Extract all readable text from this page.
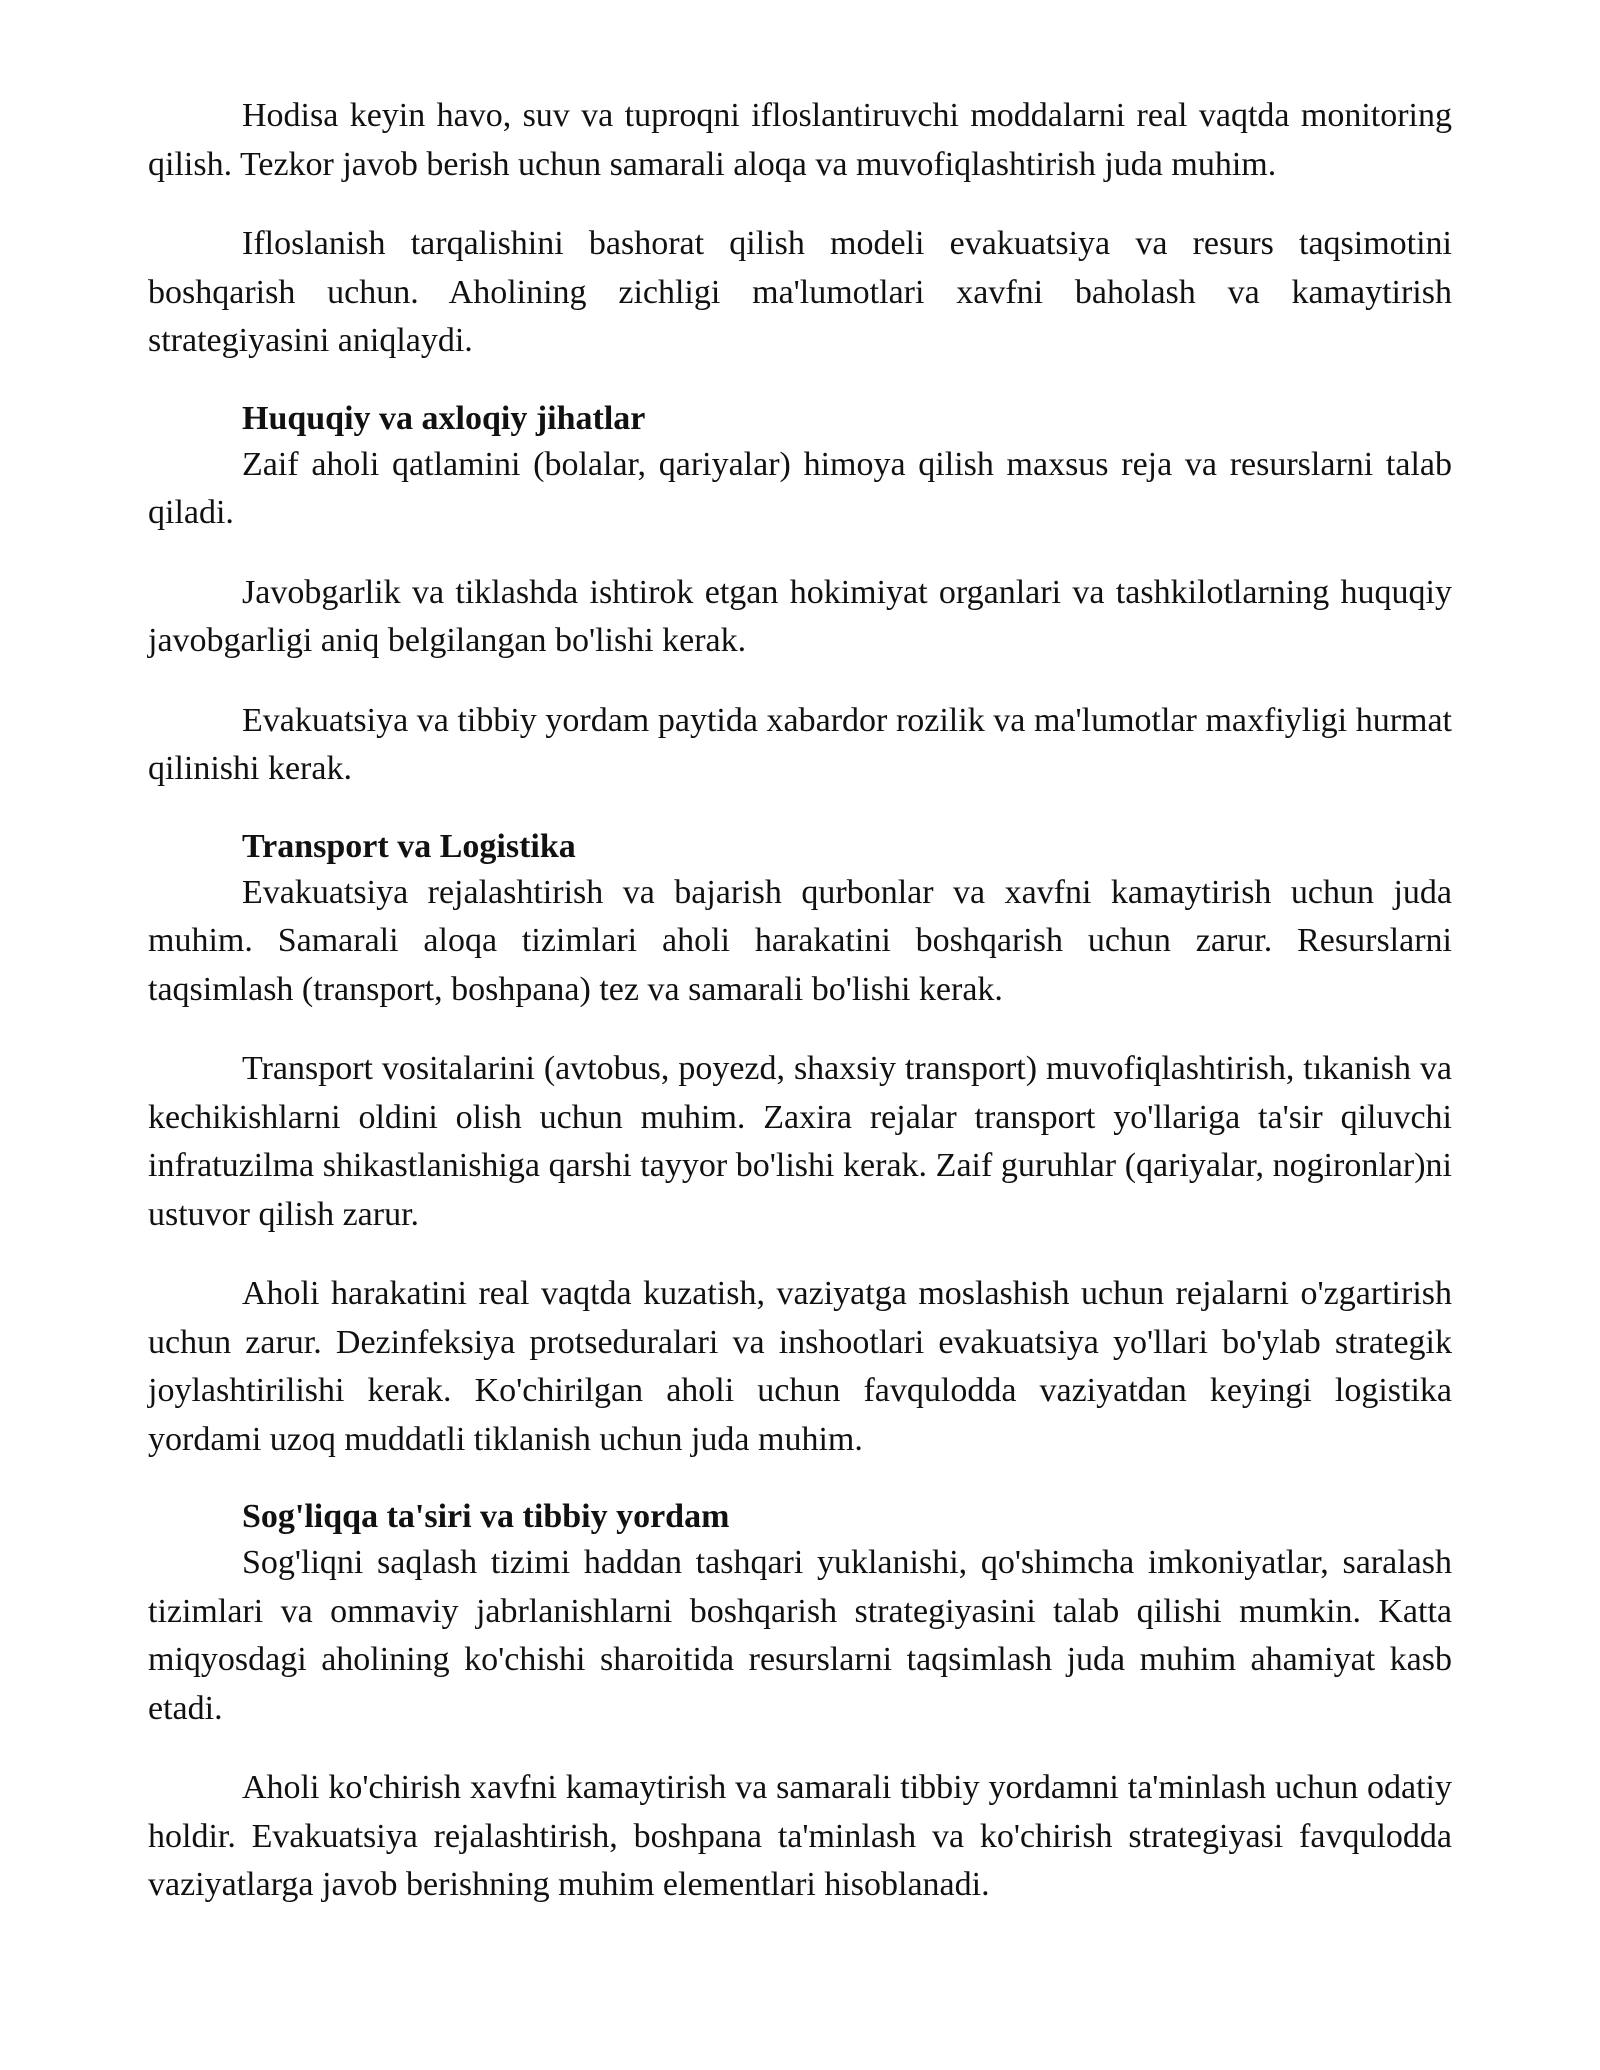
Hodisa keyin havo, suv va tuproqni ifloslantiruvchi moddalarni real vaqtda monitoring qilish. Tezkor javob berish uchun samarali aloqa va muvofiqlashtirish juda muhim.

Ifloslanish tarqalishini bashorat qilish modeli evakuatsiya va resurs taqsimotini boshqarish uchun. Aholining zichligi ma'lumotlari xavfni baholash va kamaytirish strategiyasini aniqlaydi.

Huquqiy va axloqiy jihatlar

Zaif aholi qatlamini (bolalar, qariyalar) himoya qilish maxsus reja va resurslarni talab qiladi.

Javobgarlik va tiklashda ishtirok etgan hokimiyat organlari va tashkilotlarning huquqiy javobgarligi aniq belgilangan bo'lishi kerak.

Evakuatsiya va tibbiy yordam paytida xabardor rozilik va ma'lumotlar maxfiyligi hurmat qilinishi kerak.

Transport va Logistika

Evakuatsiya rejalashtirish va bajarish qurbonlar va xavfni kamaytirish uchun juda muhim. Samarali aloqa tizimlari aholi harakatini boshqarish uchun zarur. Resurslarni taqsimlash (transport, boshpana) tez va samarali bo'lishi kerak.

Transport vositalarini (avtobus, poyezd, shaxsiy transport) muvofiqlashtirish, tıkanish va kechikishlarni oldini olish uchun muhim. Zaxira rejalar transport yo'llariga ta'sir qiluvchi infratuzilma shikastlanishiga qarshi tayyor bo'lishi kerak. Zaif guruhlar (qariyalar, nogironlar)ni ustuvor qilish zarur.

Aholi harakatini real vaqtda kuzatish, vaziyatga moslashish uchun rejalarni o'zgartirish uchun zarur. Dezinfeksiya protseduralari va inshootlari evakuatsiya yo'llari bo'ylab strategik joylashtirilishi kerak. Ko'chirilgan aholi uchun favqulodda vaziyatdan keyingi logistika yordami uzoq muddatli tiklanish uchun juda muhim.

Sog'liqqa ta'siri va tibbiy yordam

Sog'liqni saqlash tizimi haddan tashqari yuklanishi, qo'shimcha imkoniyatlar, saralash tizimlari va ommaviy jabrlanishlarni boshqarish strategiyasini talab qilishi mumkin. Katta miqyosdagi aholining ko'chishi sharoitida resurslarni taqsimlash juda muhim ahamiyat kasb etadi.

Aholi ko'chirish xavfni kamaytirish va samarali tibbiy yordamni ta'minlash uchun odatiy holdir. Evakuatsiya rejalashtirish, boshpana ta'minlash va ko'chirish strategiyasi favqulodda vaziyatlarga javob berishning muhim elementlari hisoblanadi.
